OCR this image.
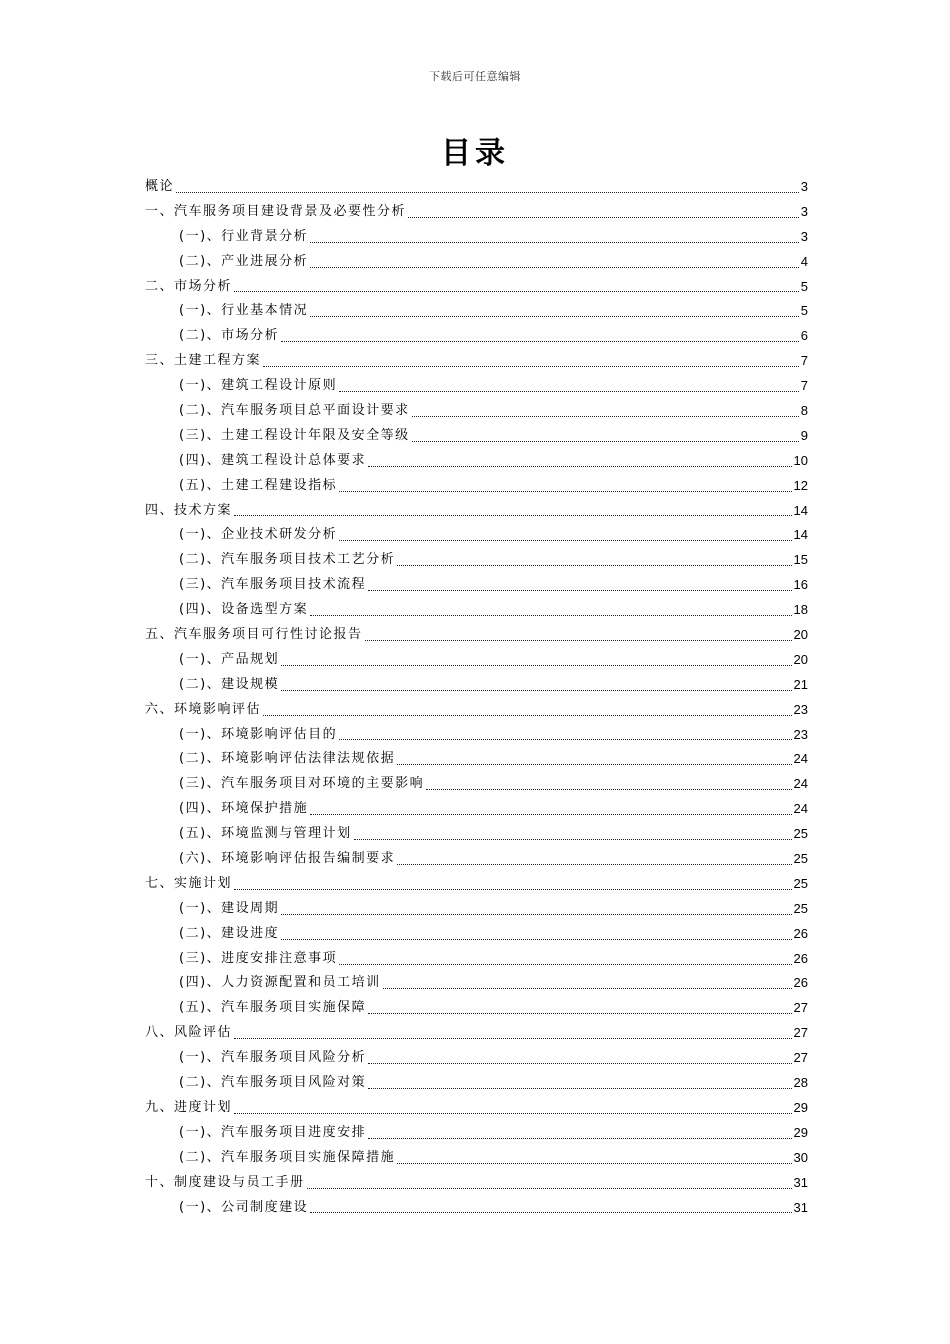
下载后可任意编辑
目录
概论	3
一、汽车服务项目建设背景及必要性分析	3
(一)、行业背景分析	3
(二)、产业进展分析	4
二、市场分析	5
(一)、行业基本情况	5
(二)、市场分析	6
三、土建工程方案	7
(一)、建筑工程设计原则	7
(二)、汽车服务项目总平面设计要求	8
(三)、土建工程设计年限及安全等级	9
(四)、建筑工程设计总体要求	10
(五)、土建工程建设指标	12
四、技术方案	14
(一)、企业技术研发分析	14
(二)、汽车服务项目技术工艺分析	15
(三)、汽车服务项目技术流程	16
(四)、设备选型方案	18
五、汽车服务项目可行性讨论报告	20
(一)、产品规划	20
(二)、建设规模	21
六、环境影响评估	23
(一)、环境影响评估目的	23
(二)、环境影响评估法律法规依据	24
(三)、汽车服务项目对环境的主要影响	24
(四)、环境保护措施	24
(五)、环境监测与管理计划	25
(六)、环境影响评估报告编制要求	25
七、实施计划	25
(一)、建设周期	25
(二)、建设进度	26
(三)、进度安排注意事项	26
(四)、人力资源配置和员工培训	26
(五)、汽车服务项目实施保障	27
八、风险评估	27
(一)、汽车服务项目风险分析	27
(二)、汽车服务项目风险对策	28
九、进度计划	29
(一)、汽车服务项目进度安排	29
(二)、汽车服务项目实施保障措施	30
十、制度建设与员工手册	31
(一)、公司制度建设	31
